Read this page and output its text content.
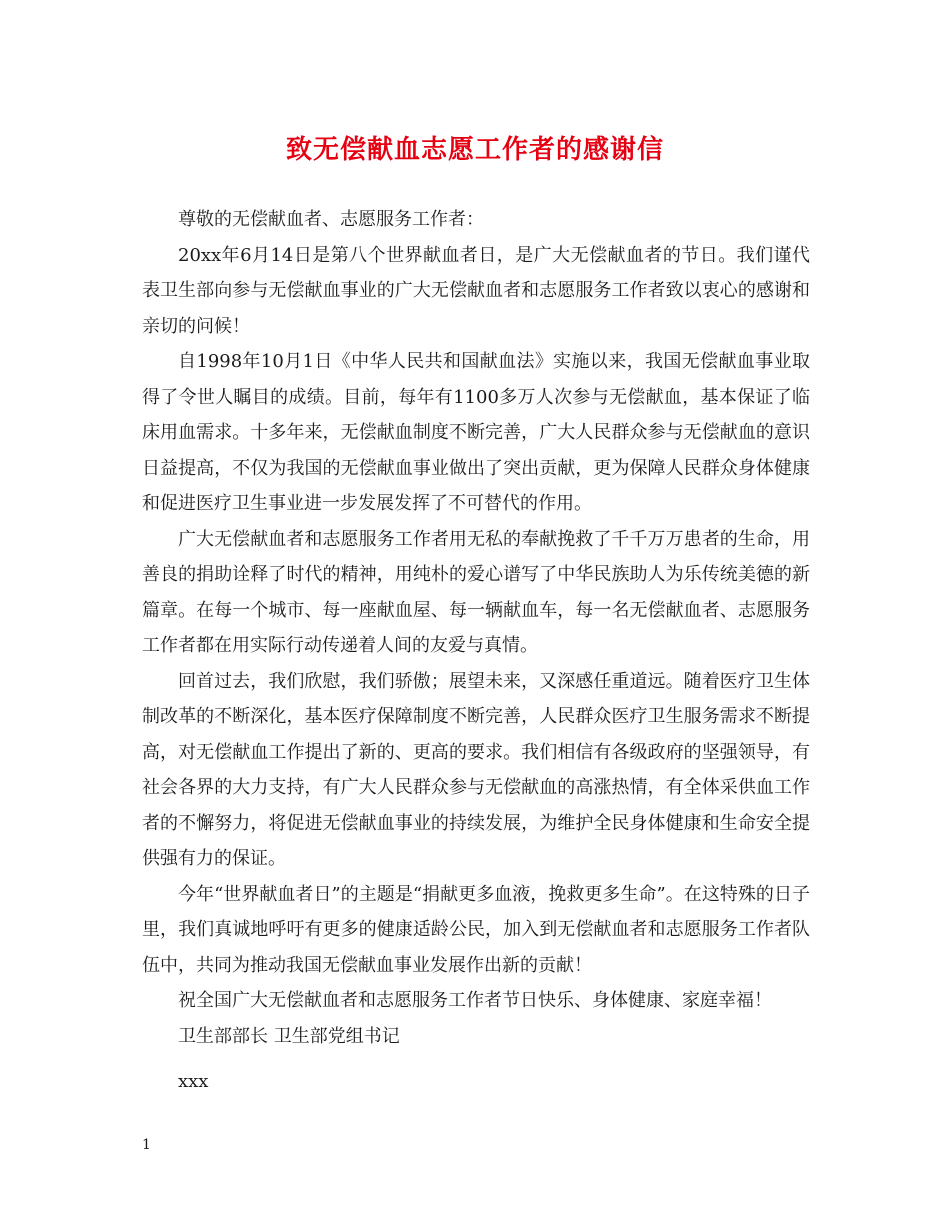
致无偿献血志愿工作者的感谢信

尊敬的无偿献血者、志愿服务工作者：

20xx年6月14日是第八个世界献血者日，是广大无偿献血者的节日。我们谨代表卫生部向参与无偿献血事业的广大无偿献血者和志愿服务工作者致以衷心的感谢和亲切的问候！

自1998年10月1日《中华人民共和国献血法》实施以来，我国无偿献血事业取得了令世人瞩目的成绩。目前，每年有1100多万人次参与无偿献血，基本保证了临床用血需求。十多年来，无偿献血制度不断完善，广大人民群众参与无偿献血的意识日益提高，不仅为我国的无偿献血事业做出了突出贡献，更为保障人民群众身体健康和促进医疗卫生事业进一步发展发挥了不可替代的作用。

广大无偿献血者和志愿服务工作者用无私的奉献挽救了千千万万患者的生命，用善良的捐助诠释了时代的精神，用纯朴的爱心谱写了中华民族助人为乐传统美德的新篇章。在每一个城市、每一座献血屋、每一辆献血车，每一名无偿献血者、志愿服务工作者都在用实际行动传递着人间的友爱与真情。

回首过去，我们欣慰，我们骄傲；展望未来，又深感任重道远。随着医疗卫生体制改革的不断深化，基本医疗保障制度不断完善，人民群众医疗卫生服务需求不断提高，对无偿献血工作提出了新的、更高的要求。我们相信有各级政府的坚强领导，有社会各界的大力支持，有广大人民群众参与无偿献血的高涨热情，有全体采供血工作者的不懈努力，将促进无偿献血事业的持续发展，为维护全民身体健康和生命安全提供强有力的保证。

今年“世界献血者日”的主题是“捐献更多血液，挽救更多生命”。在这特殊的日子里，我们真诚地呼吁有更多的健康适龄公民，加入到无偿献血者和志愿服务工作者队伍中，共同为推动我国无偿献血事业发展作出新的贡献！

祝全国广大无偿献血者和志愿服务工作者节日快乐、身体健康、家庭幸福！

卫生部部长 卫生部党组书记

xxx

1
